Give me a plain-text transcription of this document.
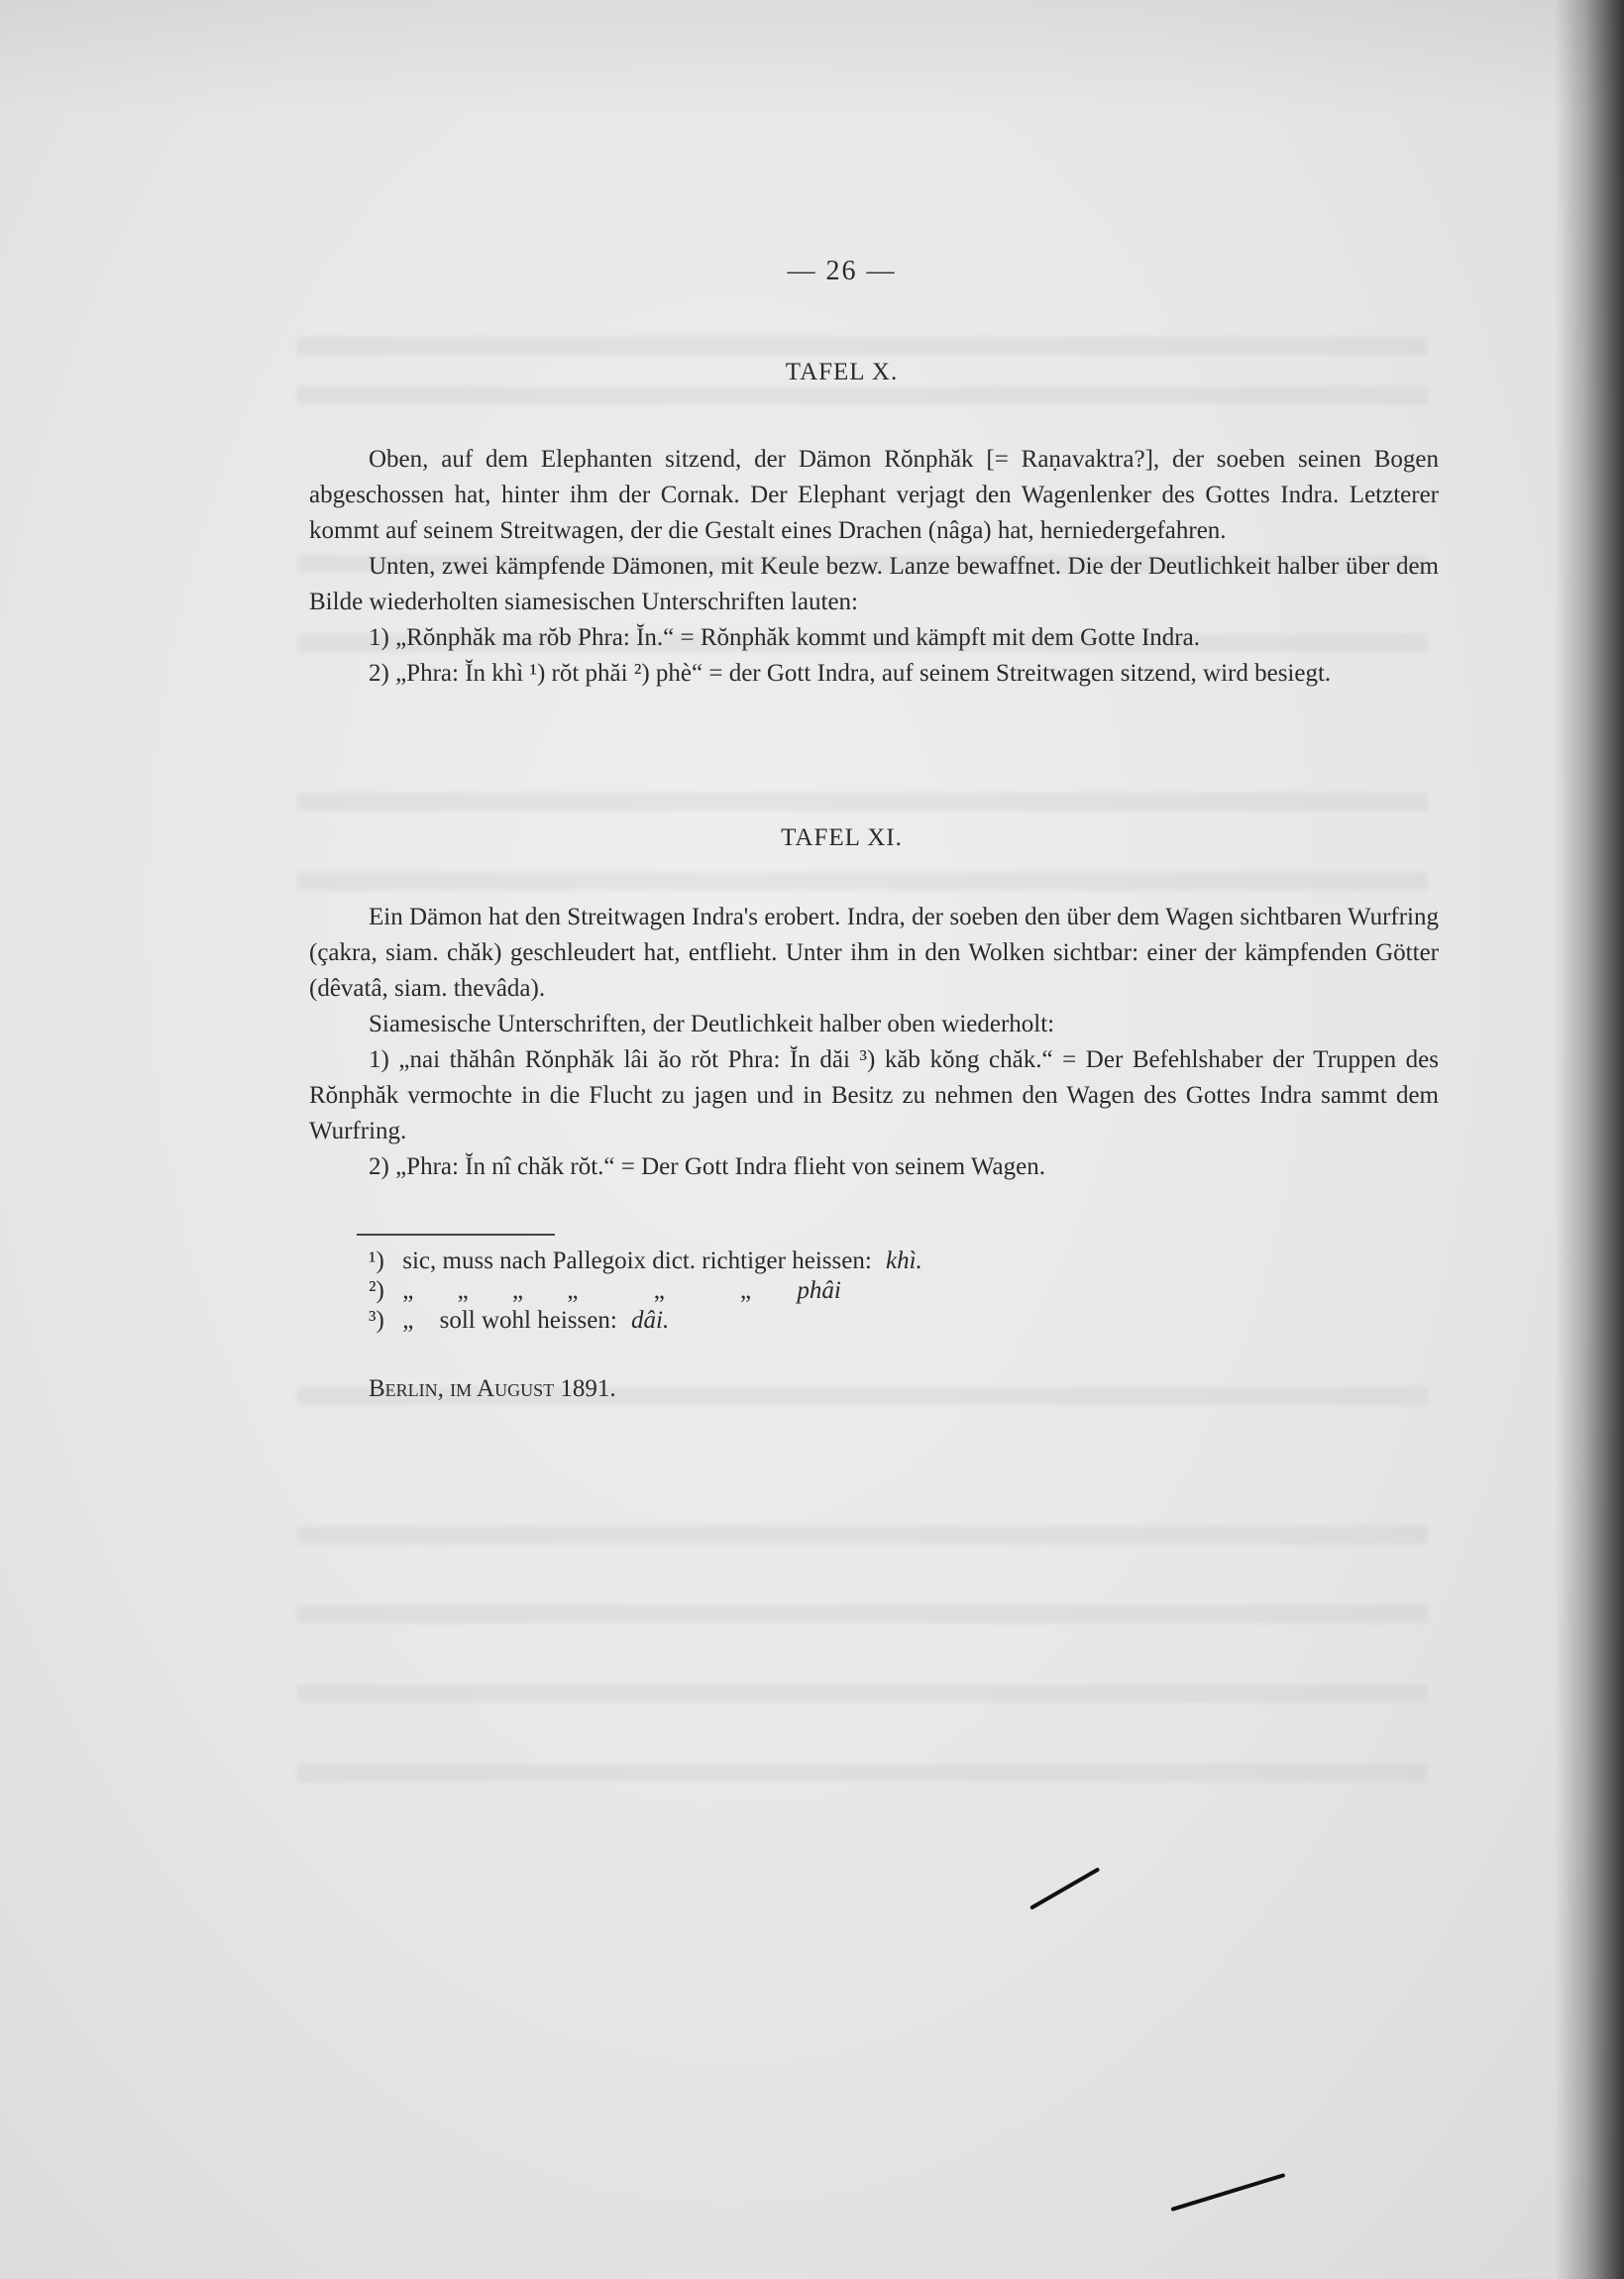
— 26 —
TAFEL X.

Oben, auf dem Elephanten sitzend, der Dämon Rŏnphăk [= Raṇavaktra?], der soeben seinen Bogen abgeschossen hat, hinter ihm der Cornak. Der Elephant verjagt den Wagenlenker des Gottes Indra. Letzterer kommt auf seinem Streitwagen, der die Gestalt eines Drachen (nâga) hat, herniedergefahren.

Unten, zwei kämpfende Dämonen, mit Keule bezw. Lanze bewaffnet. Die der Deutlichkeit halber über dem Bilde wiederholten siamesischen Unterschriften lauten:

1) „Rŏnphăk ma rŏb Phra: Ĭn.“ = Rŏnphăk kommt und kämpft mit dem Gotte Indra.

2) „Phra: Ĭn khì ¹) rŏt phăi ²) phè“ = der Gott Indra, auf seinem Streitwagen sitzend, wird besiegt.

TAFEL XI.

Ein Dämon hat den Streitwagen Indra's erobert. Indra, der soeben den über dem Wagen sichtbaren Wurfring (çakra, siam. chăk) geschleudert hat, entflieht. Unter ihm in den Wolken sichtbar: einer der kämpfenden Götter (dêvatâ, siam. thevâda).

Siamesische Unterschriften, der Deutlichkeit halber oben wiederholt:

1) „nai thăhân Rŏnphăk lâi ăo rŏt Phra: Ĭn dăi ³) kăb kŏng chăk.“ = Der Befehlshaber der Truppen des Rŏnphăk vermochte in die Flucht zu jagen und in Besitz zu nehmen den Wagen des Gottes Indra sammt dem Wurfring.

2) „Phra: Ĭn nî chăk rŏt.“ = Der Gott Indra flieht von seinem Wagen.

¹) sic, muss nach Pallegoix dict. richtiger heissen: khì.
²) „ „ „ „	„	„ phâi
³) „ soll wohl heissen: dâi.
Berlin, im August 1891.
